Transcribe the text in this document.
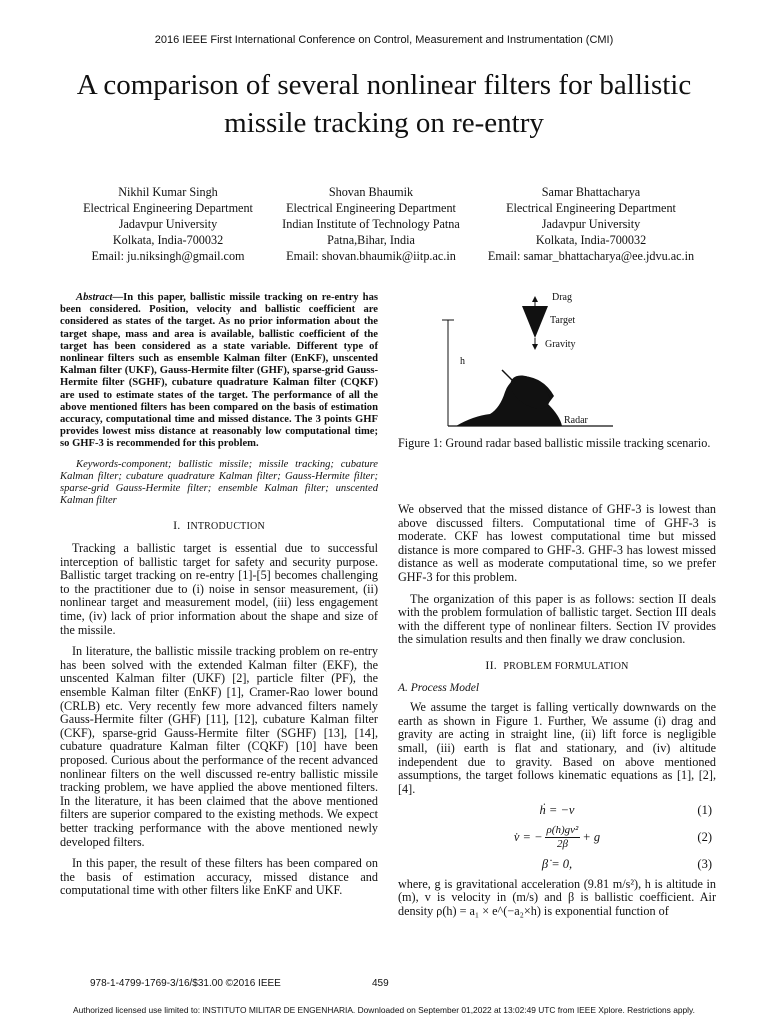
2016 IEEE First International Conference on Control, Measurement and Instrumentation (CMI)
A comparison of several nonlinear filters for ballistic missile tracking on re-entry
Nikhil Kumar Singh
Electrical Engineering Department
Jadavpur University
Kolkata, India-700032
Email: ju.niksingh@gmail.com
Shovan Bhaumik
Electrical Engineering Department
Indian Institute of Technology Patna
Patna,Bihar, India
Email: shovan.bhaumik@iitp.ac.in
Samar Bhattacharya
Electrical Engineering Department
Jadavpur University
Kolkata, India-700032
Email: samar_bhattacharya@ee.jdvu.ac.in
Abstract—In this paper, ballistic missile tracking on re-entry has been considered. Position, velocity and ballistic coefficient are considered as states of the target. As no prior information about the target shape, mass and area is available, ballistic coefficient of the target has been considered as a state variable. Different type of nonlinear filters such as ensemble Kalman filter (EnKF), unscented Kalman filter (UKF), Gauss-Hermite filter (GHF), sparse-grid Gauss-Hermite filter (SGHF), cubature quadrature Kalman filter (CQKF) are used to estimate states of the target. The performance of all the above mentioned filters has been compared on the basis of estimation accuracy, computational time and missed distance. The 3 points GHF provides lowest miss distance at reasonably low computational time; so GHF-3 is recommended for this problem.
Keywords-component; ballistic missile; missile tracking; cubature Kalman filter; cubature quadrature Kalman filter; Gauss-Hermite filter; sparse-grid Gauss-Hermite filter; ensemble Kalman filter; unscented Kalman filter
I. INTRODUCTION

Tracking a ballistic target is essential due to successful interception of ballistic target for safety and security purpose. Ballistic target tracking on re-entry [1]-[5] becomes challenging to the practitioner due to (i) noise in sensor measurement, (ii) nonlinear target and measurement model, (iii) less engagement time, (iv) lack of prior information about the shape and size of the missile.

In literature, the ballistic missile tracking problem on re-entry has been solved with the extended Kalman filter (EKF), the unscented Kalman filter (UKF) [2], particle filter (PF), the ensemble Kalman filter (EnKF) [1], Cramer-Rao lower bound (CRLB) etc. Very recently few more advanced filters namely Gauss-Hermite filter (GHF) [11], [12], cubature Kalman filter (CKF), sparse-grid Gauss-Hermite filter (SGHF) [13], [14], cubature quadrature Kalman filter (CQKF) [10] have been proposed. Curious about the performance of the recent advanced nonlinear filters on the well discussed re-entry ballistic missile tracking problem, we have applied the above mentioned filters. In the literature, it has been claimed that the above mentioned filters are superior compared to the existing methods. We expect better tracking performance with the above mentioned newly developed filters.

In this paper, the result of these filters has been compared on the basis of estimation accuracy, missed distance and computational time with other filters like EnKF and UKF.

Drag
Target
Gravity
h
Radar
Figure 1: Ground radar based ballistic missile tracking scenario.

We observed that the missed distance of GHF-3 is lowest than above discussed filters. Computational time of GHF-3 is moderate. CKF has lowest computational time but missed distance is more compared to GHF-3. GHF-3 has lowest missed distance as well as moderate computational time, so we prefer GHF-3 for this problem.

The organization of this paper is as follows: section II deals with the problem formulation of ballistic target. Section III deals with the different type of nonlinear filters. Section IV provides the simulation results and then finally we draw conclusion.

II. PROBLEM FORMULATION
A. Process Model

We assume the target is falling vertically downwards on the earth as shown in Figure 1. Further, We assume (i) drag and gravity are acting in straight line, (ii) lift force is negligible small, (iii) earth is flat and stationary, and (iv) altitude independent due to gravity. Based on above mentioned assumptions, the target follows kinematic equations as [1], [2], [4].

ḣ = −v	(1)
v̇ = − $\frac{\text{ρ(h)gv²}}{2\beta} + g$	(2)
β̇ = 0,	(3)

where, g is gravitational acceleration (9.81 m/s²), h is altitude in (m), v is velocity in (m/s) and β is ballistic coefficient. Air density ρ(h) = a₁ × e^(−a₂×h) is exponential function of

978-1-4799-1769-3/16/$31.00 ©2016 IEEE	459
Authorized licensed use limited to: INSTITUTO MILITAR DE ENGENHARIA. Downloaded on September 01,2022 at 13:02:49 UTC from IEEE Xplore. Restrictions apply.
